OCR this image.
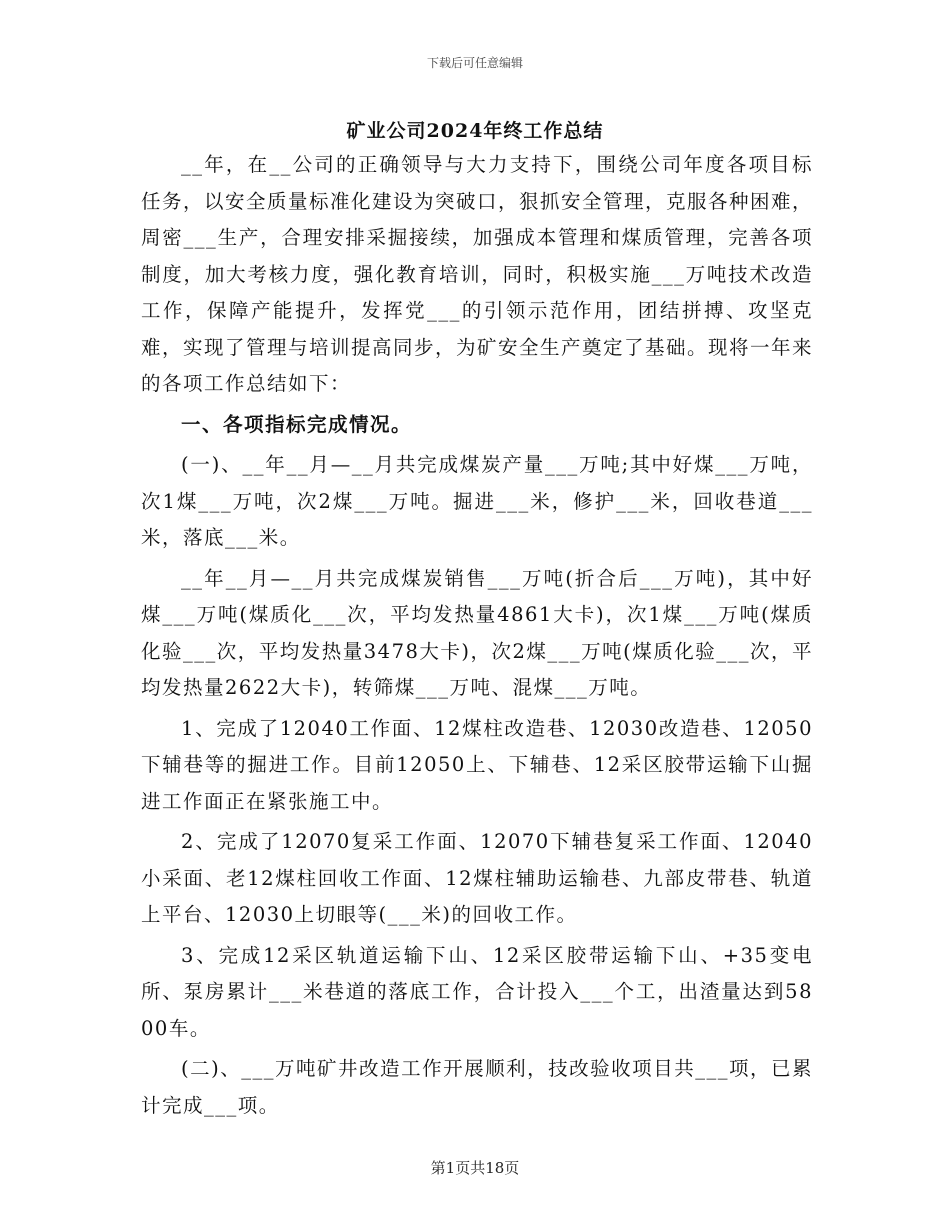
下载后可任意编辑
矿业公司2024年终工作总结

__年，在__公司的正确领导与大力支持下，围绕公司年度各项目标任务，以安全质量标准化建设为突破口，狠抓安全管理，克服各种困难，周密___生产，合理安排采掘接续，加强成本管理和煤质管理，完善各项制度，加大考核力度，强化教育培训，同时，积极实施___万吨技术改造工作，保障产能提升，发挥党___的引领示范作用，团结拼搏、攻坚克难，实现了管理与培训提高同步，为矿安全生产奠定了基础。现将一年来的各项工作总结如下：

一、各项指标完成情况。

(一)、__年__月—__月共完成煤炭产量___万吨;其中好煤___万吨，次1煤___万吨，次2煤___万吨。掘进___米，修护___米，回收巷道___米，落底___米。

__年__月—__月共完成煤炭销售___万吨(折合后___万吨)，其中好煤___万吨(煤质化___次，平均发热量4861大卡)，次1煤___万吨(煤质化验___次，平均发热量3478大卡)，次2煤___万吨(煤质化验___次，平均发热量2622大卡)，转筛煤___万吨、混煤___万吨。

1、完成了12040工作面、12煤柱改造巷、12030改造巷、12050下辅巷等的掘进工作。目前12050上、下辅巷、12采区胶带运输下山掘进工作面正在紧张施工中。

2、完成了12070复采工作面、12070下辅巷复采工作面、12040小采面、老12煤柱回收工作面、12煤柱辅助运输巷、九部皮带巷、轨道上平台、12030上切眼等(___米)的回收工作。

3、完成12采区轨道运输下山、12采区胶带运输下山、+35变电所、泵房累计___米巷道的落底工作，合计投入___个工，出渣量达到5800车。

(二)、___万吨矿井改造工作开展顺利，技改验收项目共___项，已累计完成___项。

第1页共18页
